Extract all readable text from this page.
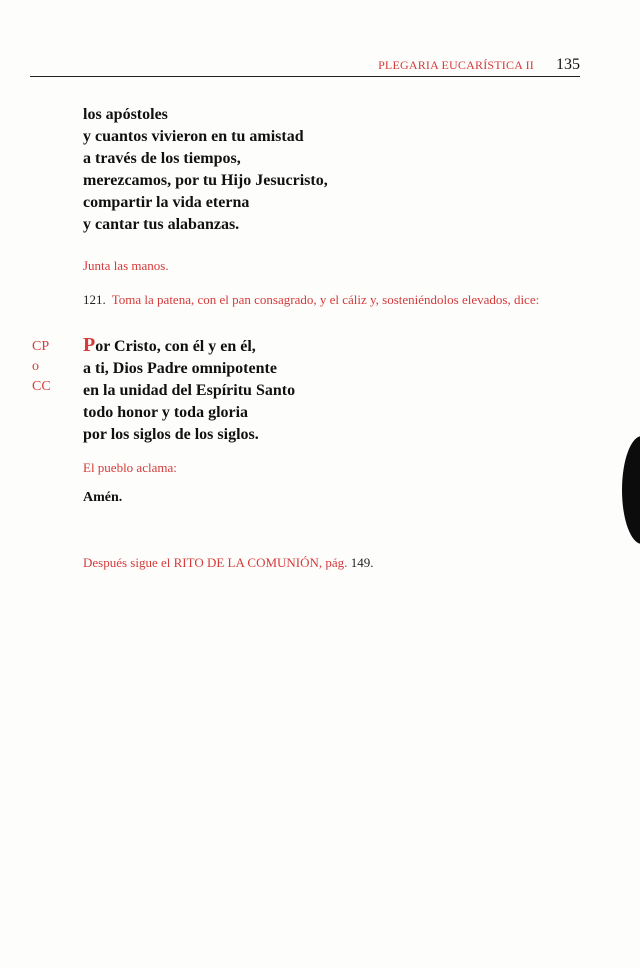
PLEGARIA EUCARÍSTICA II 135
los apóstoles
y cuantos vivieron en tu amistad
a través de los tiempos,
merezcamos, por tu Hijo Jesucristo,
compartir la vida eterna
y cantar tus alabanzas.
Junta las manos.
121. Toma la patena, con el pan consagrado, y el cáliz y, sosteniéndolos elevados, dice:
CP
o
CC
Por Cristo, con él y en él,
a ti, Dios Padre omnipotente
en la unidad del Espíritu Santo
todo honor y toda gloria
por los siglos de los siglos.
El pueblo aclama:
Amén.
Después sigue el RITO DE LA COMUNIÓN, pág. 149.
